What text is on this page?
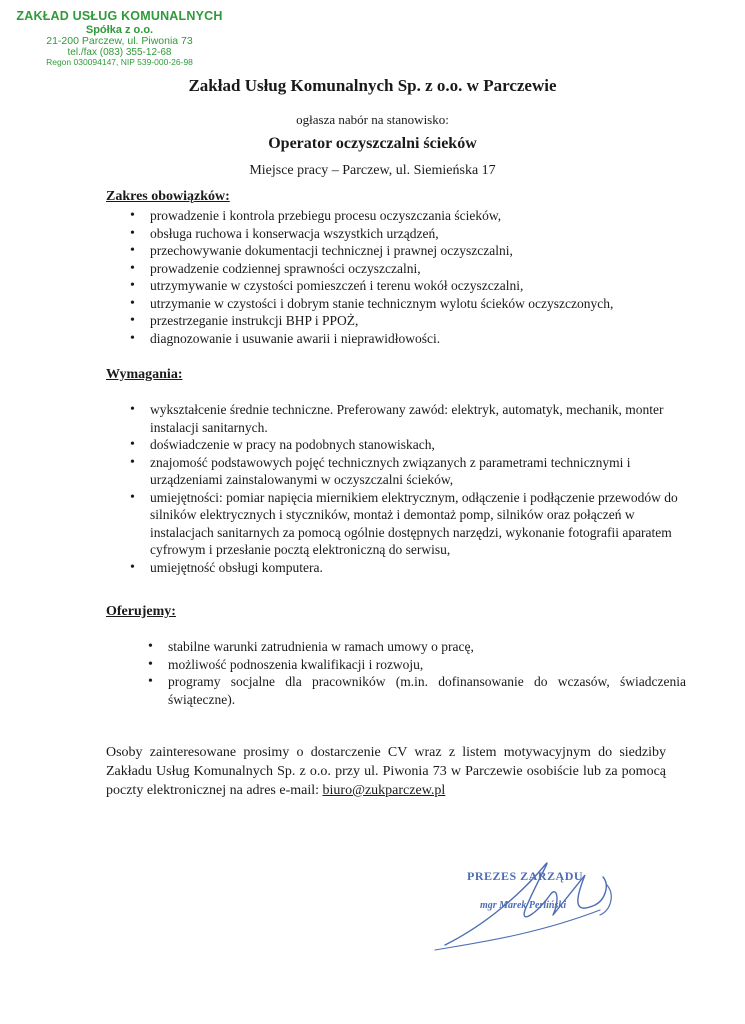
ZAKŁAD USŁUG KOMUNALNYCH
Spółka z o.o.
21-200 Parczew, ul. Piwonia 73
tel./fax (083) 355-12-68
Regon 030094147, NIP 539-000-26-98
Zakład Usług Komunalnych Sp. z o.o. w Parczewie
ogłasza nabór na stanowisko:
Operator oczyszczalni ścieków
Miejsce pracy – Parczew, ul. Siemieńska 17
Zakres obowiązków:
• prowadzenie i kontrola przebiegu procesu oczyszczania ścieków,
• obsługa ruchowa i konserwacja wszystkich urządzeń,
• przechowywanie dokumentacji technicznej i prawnej oczyszczalni,
• prowadzenie codziennej sprawności oczyszczalni,
• utrzymywanie w czystości pomieszczeń i terenu wokół oczyszczalni,
• utrzymanie w czystości i dobrym stanie technicznym wylotu ścieków oczyszczonych,
• przestrzeganie instrukcji BHP i PPOŻ,
• diagnozowanie i usuwanie awarii i nieprawidłowości.
Wymagania:
• wykształcenie średnie techniczne. Preferowany zawód: elektryk, automatyk, mechanik, monter instalacji sanitarnych.
• doświadczenie w pracy na podobnych stanowiskach,
• znajomość podstawowych pojęć technicznych związanych z parametrami technicznymi i urządzeniami zainstalowanymi w oczyszczalni ścieków,
• umiejętności: pomiar napięcia miernikiem elektrycznym, odłączenie i podłączenie przewodów do silników elektrycznych i styczników, montaż i demontaż pomp, silników oraz połączeń w instalacjach sanitarnych za pomocą ogólnie dostępnych narzędzi, wykonanie fotografii aparatem cyfrowym i przesłanie pocztą elektroniczną do serwisu,
• umiejętność obsługi komputera.
Oferujemy:
• stabilne warunki zatrudnienia w ramach umowy o pracę,
• możliwość podnoszenia kwalifikacji i rozwoju,
• programy socjalne dla pracowników (m.in. dofinansowanie do wczasów, świadczenia świąteczne).
Osoby zainteresowane prosimy o dostarczenie CV wraz z listem motywacyjnym do siedziby Zakładu Usług Komunalnych Sp. z o.o. przy ul. Piwonia 73 w Parczewie osobiście lub za pomocą poczty elektronicznej na adres e-mail: biuro@zukparczew.pl
PREZES ZARZĄDU
mgr Marek Perliński
